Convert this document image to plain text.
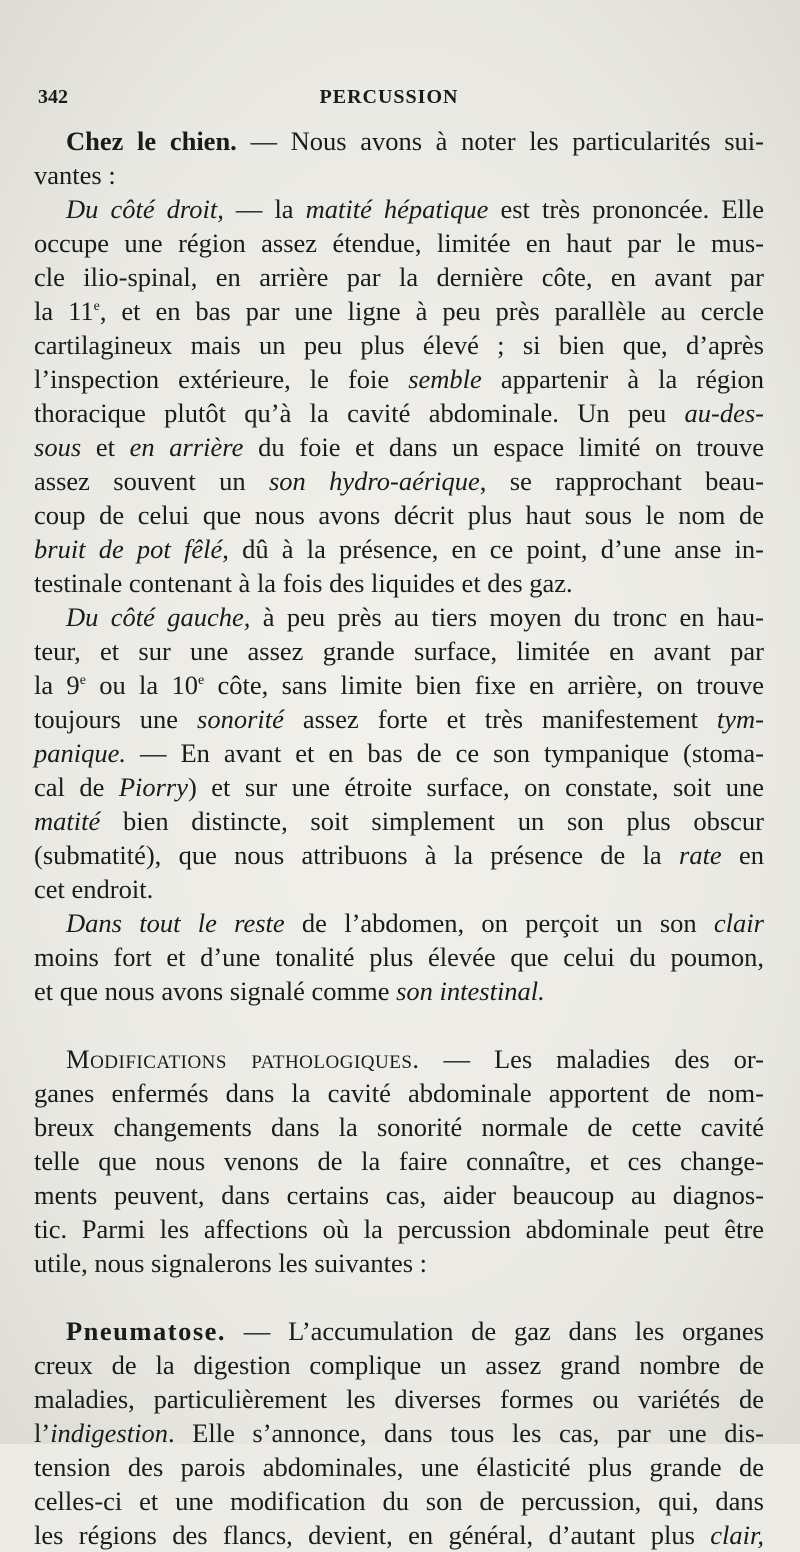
342	PERCUSSION
Chez le chien. — Nous avons à noter les particularités sui-
vantes :
Du côté droit, — la matité hépatique est très prononcée. Elle
occupe une région assez étendue, limitée en haut par le mus-
cle ilio-spinal, en arrière par la dernière côte, en avant par
la 11e, et en bas par une ligne à peu près parallèle au cercle
cartilagineux mais un peu plus élevé ; si bien que, d’après
l’inspection extérieure, le foie semble appartenir à la région
thoracique plutôt qu’à la cavité abdominale. Un peu au-des-
sous et en arrière du foie et dans un espace limité on trouve
assez souvent un son hydro-aérique, se rapprochant beau-
coup de celui que nous avons décrit plus haut sous le nom de
bruit de pot fêlé, dû à la présence, en ce point, d’une anse in-
testinale contenant à la fois des liquides et des gaz.
Du côté gauche, à peu près au tiers moyen du tronc en hau-
teur, et sur une assez grande surface, limitée en avant par
la 9e ou la 10e côte, sans limite bien fixe en arrière, on trouve
toujours une sonorité assez forte et très manifestement tym-
panique. — En avant et en bas de ce son tympanique (stoma-
cal de Piorry) et sur une étroite surface, on constate, soit une
matité bien distincte, soit simplement un son plus obscur
(submatité), que nous attribuons à la présence de la rate en
cet endroit.
Dans tout le reste de l’abdomen, on perçoit un son clair
moins fort et d’une tonalité plus élevée que celui du poumon,
et que nous avons signalé comme son intestinal.
Modifications pathologiques. — Les maladies des or-
ganes enfermés dans la cavité abdominale apportent de nom-
breux changements dans la sonorité normale de cette cavité
telle que nous venons de la faire connaître, et ces change-
ments peuvent, dans certains cas, aider beaucoup au diagnos-
tic. Parmi les affections où la percussion abdominale peut être
utile, nous signalerons les suivantes :
Pneumatose. — L’accumulation de gaz dans les organes
creux de la digestion complique un assez grand nombre de
maladies, particulièrement les diverses formes ou variétés de
l’indigestion. Elle s’annonce, dans tous les cas, par une dis-
tension des parois abdominales, une élasticité plus grande de
celles-ci et une modification du son de percussion, qui, dans
les régions des flancs, devient, en général, d’autant plus clair,
